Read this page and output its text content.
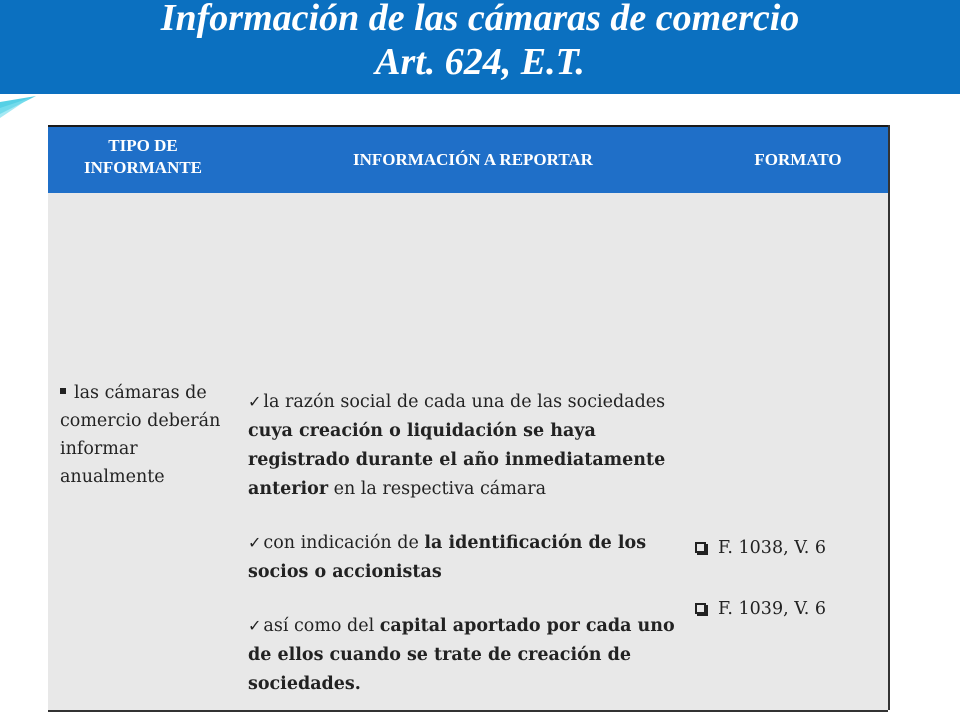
Información de las cámaras de comercio
Art. 624, E.T.
TIPO DE INFORMANTE	INFORMACIÓN A REPORTAR	FORMATO
las cámaras de comercio deberán informar anualmente
✓ la razón social de cada una de las sociedades cuya creación o liquidación se haya registrado durante el año inmediatamente anterior en la respectiva cámara
✓ con indicación de la identificación de los socios o accionistas
✓ así como del capital aportado por cada uno de ellos cuando se trate de creación de sociedades.
F. 1038, V. 6
F. 1039, V. 6
